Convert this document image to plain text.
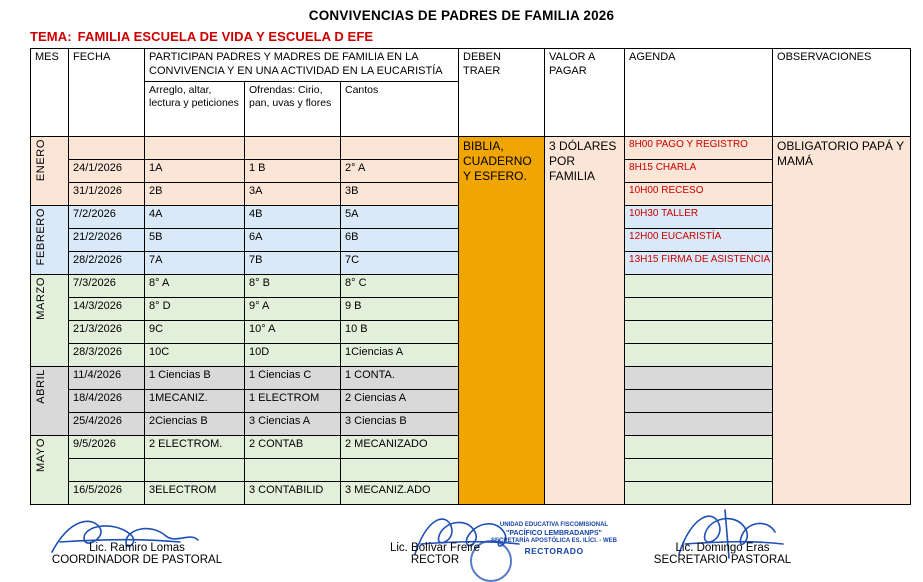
CONVIVENCIAS DE PADRES DE FAMILIA 2026
TEMA: FAMILIA ESCUELA DE VIDA Y ESCUELA D EFE
MES	FECHA	PARTICIPAN PADRES Y MADRES DE FAMILIA EN LA CONVIVENCIA Y EN UNA ACTIVIDAD EN LA EUCARISTÍA			DEBEN TRAER	VALOR A PAGAR	AGENDA	OBSERVACIONES
		Arreglo, altar, lectura y peticiones	Ofrendas: Cirio, pan, uvas y flores	Cantos				
ENERO					BIBLIA, CUADERNO Y ESFERO.	3 DÓLARES POR FAMILIA	8H00 PAGO Y REGISTRO	OBLIGATORIO PAPÁ Y MAMÁ
	24/1/2026	1A	1 B	2° A			8H15 CHARLA	
	31/1/2026	2B	3A	3B			10H00 RECESO	
FEBRERO	7/2/2026	4A	4B	5A			10H30 TALLER	
	21/2/2026	5B	6A	6B			12H00 EUCARISTÍA	
	28/2/2026	7A	7B	7C			13H15 FIRMA DE ASISTENCIA	
MARZO	7/3/2026	8° A	8° B	8° C				
	14/3/2026	8° D	9° A	9 B				
	21/3/2026	9C	10° A	10 B				
	28/3/2026	10C	10D	1Ciencias A				
ABRIL	11/4/2026	1 Ciencias B	1 Ciencias C	1 CONTA.				
	18/4/2026	1MECANIZ.	1 ELECTROM	2 Ciencias A				
	25/4/2026	2Ciencias B	3 Ciencias A	3 Ciencias B				
MAYO	9/5/2026	2 ELECTROM.	2 CONTAB	2 MECANIZADO				

	16/5/2026	3ELECTROM	3 CONTABILID	3 MECANIZ.ADO				
UNIDAD EDUCATIVA FISCOMISIONAL
"PACÍFICO LEMBRADANPS"
SECRETARÍA APOSTÓLICA ES. ILÍCI. - WEB
RECTORADO
Lic. Ramiro Lomas
COORDINADOR DE PASTORAL
Lic. Bolívar Freire
RECTOR
Lic. Domingo Eras
SECRETARIO PASTORAL
